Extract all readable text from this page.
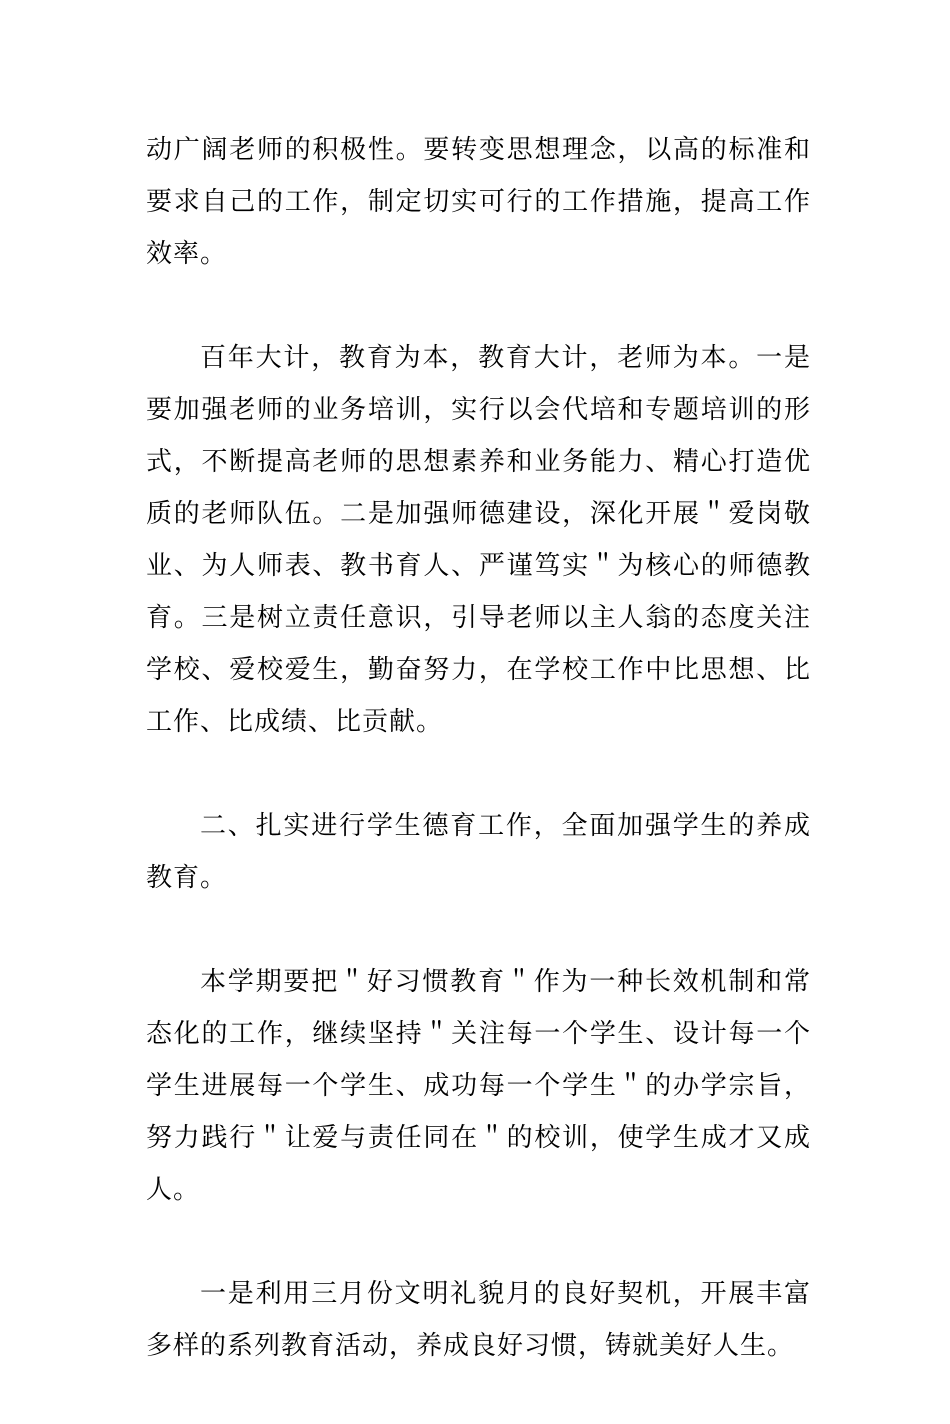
动广阔老师的积极性。要转变思想理念，以高的标准和要求自己的工作，制定切实可行的工作措施，提高工作效率。

百年大计，教育为本，教育大计，老师为本。一是要加强老师的业务培训，实行以会代培和专题培训的形式，不断提高老师的思想素养和业务能力、精心打造优质的老师队伍。二是加强师德建设，深化开展＂爱岗敬业、为人师表、教书育人、严谨笃实＂为核心的师德教育。三是树立责任意识，引导老师以主人翁的态度关注学校、爱校爱生，勤奋努力，在学校工作中比思想、比工作、比成绩、比贡献。

二、扎实进行学生德育工作，全面加强学生的养成教育。

本学期要把＂好习惯教育＂作为一种长效机制和常态化的工作，继续坚持＂关注每一个学生、设计每一个学生进展每一个学生、成功每一个学生＂的办学宗旨，努力践行＂让爱与责任同在＂的校训，使学生成才又成人。

一是利用三月份文明礼貌月的良好契机，开展丰富多样的系列教育活动，养成良好习惯，铸就美好人生。
